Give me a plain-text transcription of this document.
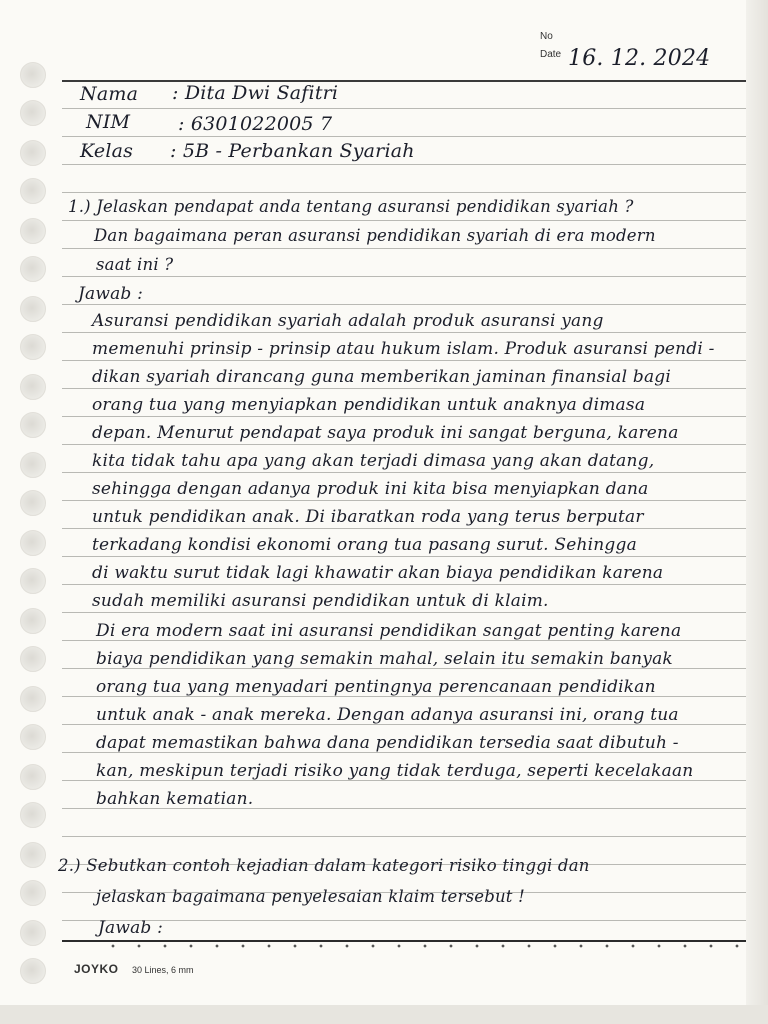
No
Date 16. 12. 2024
Nama : Dita Dwi Safitri
NIM	: 6301022005 7
Kelas : 5B - Perbankan Syariah
1.) Jelaskan pendapat anda tentang asuransi pendidikan syariah ?
Dan bagaimana peran asuransi pendidikan syariah di era modern
saat ini ?
Jawab :
Asuransi pendidikan syariah adalah produk asuransi yang
memenuhi prinsip - prinsip atau hukum islam. Produk asuransi pendi -
dikan syariah dirancang guna memberikan jaminan finansial bagi
orang tua yang menyiapkan pendidikan untuk anaknya dimasa
depan. Menurut pendapat saya produk ini sangat berguna, karena
kita tidak tahu apa yang akan terjadi dimasa yang akan datang,
sehingga dengan adanya produk ini kita bisa menyiapkan dana
untuk pendidikan anak. Di ibaratkan roda yang terus berputar
terkadang kondisi ekonomi orang tua pasang surut. Sehingga
di waktu surut tidak lagi khawatir akan biaya pendidikan karena
sudah memiliki asuransi pendidikan untuk di klaim.
Di era modern saat ini asuransi pendidikan sangat penting karena
biaya pendidikan yang semakin mahal, selain itu semakin banyak
orang tua yang menyadari pentingnya perencanaan pendidikan
untuk anak - anak mereka. Dengan adanya asuransi ini, orang tua
dapat memastikan bahwa dana pendidikan tersedia saat dibutuh -
kan, meskipun terjadi risiko yang tidak terduga, seperti kecelakaan
bahkan kematian.
2.) Sebutkan contoh kejadian dalam kategori risiko tinggi dan
jelaskan bagaimana penyelesaian klaim tersebut !
Jawab :
JOYKO 30 Lines, 6 mm
